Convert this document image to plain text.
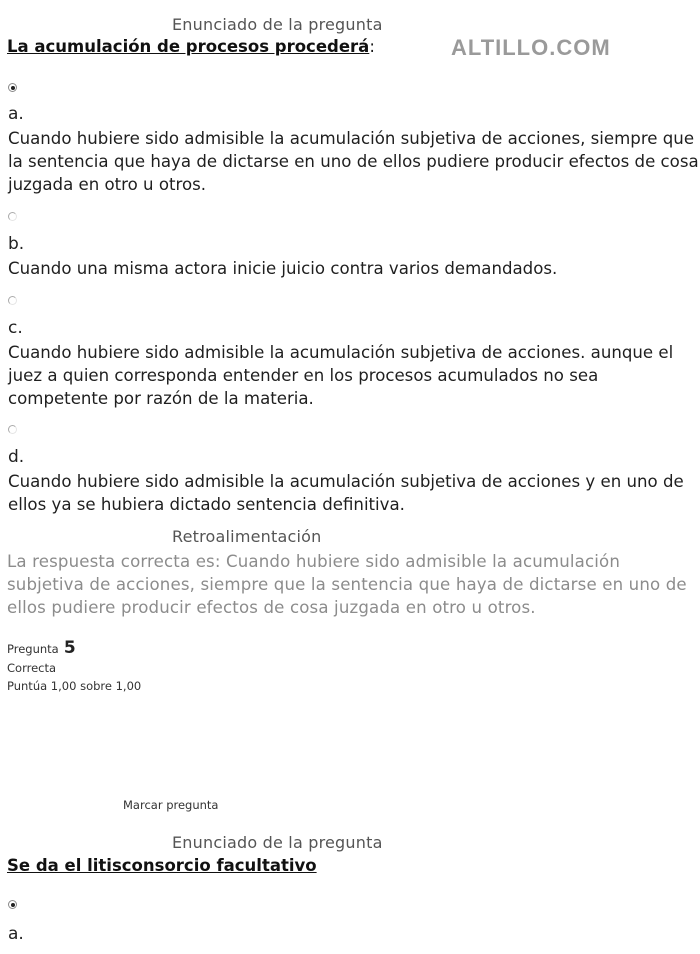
Enunciado de la pregunta
La acumulación de procesos procederá:	ALTILLO.COM
a.
Cuando hubiere sido admisible la acumulación subjetiva de acciones, siempre que la sentencia que haya de dictarse en uno de ellos pudiere producir efectos de cosa juzgada en otro u otros.
b.
Cuando una misma actora inicie juicio contra varios demandados.
c.
Cuando hubiere sido admisible la acumulación subjetiva de acciones. aunque el juez a quien corresponda entender en los procesos acumulados no sea competente por razón de la materia.
d.
Cuando hubiere sido admisible la acumulación subjetiva de acciones y en uno de ellos ya se hubiera dictado sentencia definitiva.
Retroalimentación
La respuesta correcta es: Cuando hubiere sido admisible la acumulación subjetiva de acciones, siempre que la sentencia que haya de dictarse en uno de ellos pudiere producir efectos de cosa juzgada en otro u otros.
Pregunta 5
Correcta
Puntúa 1,00 sobre 1,00
Marcar pregunta
Enunciado de la pregunta
Se da el litisconsorcio facultativo
a.
